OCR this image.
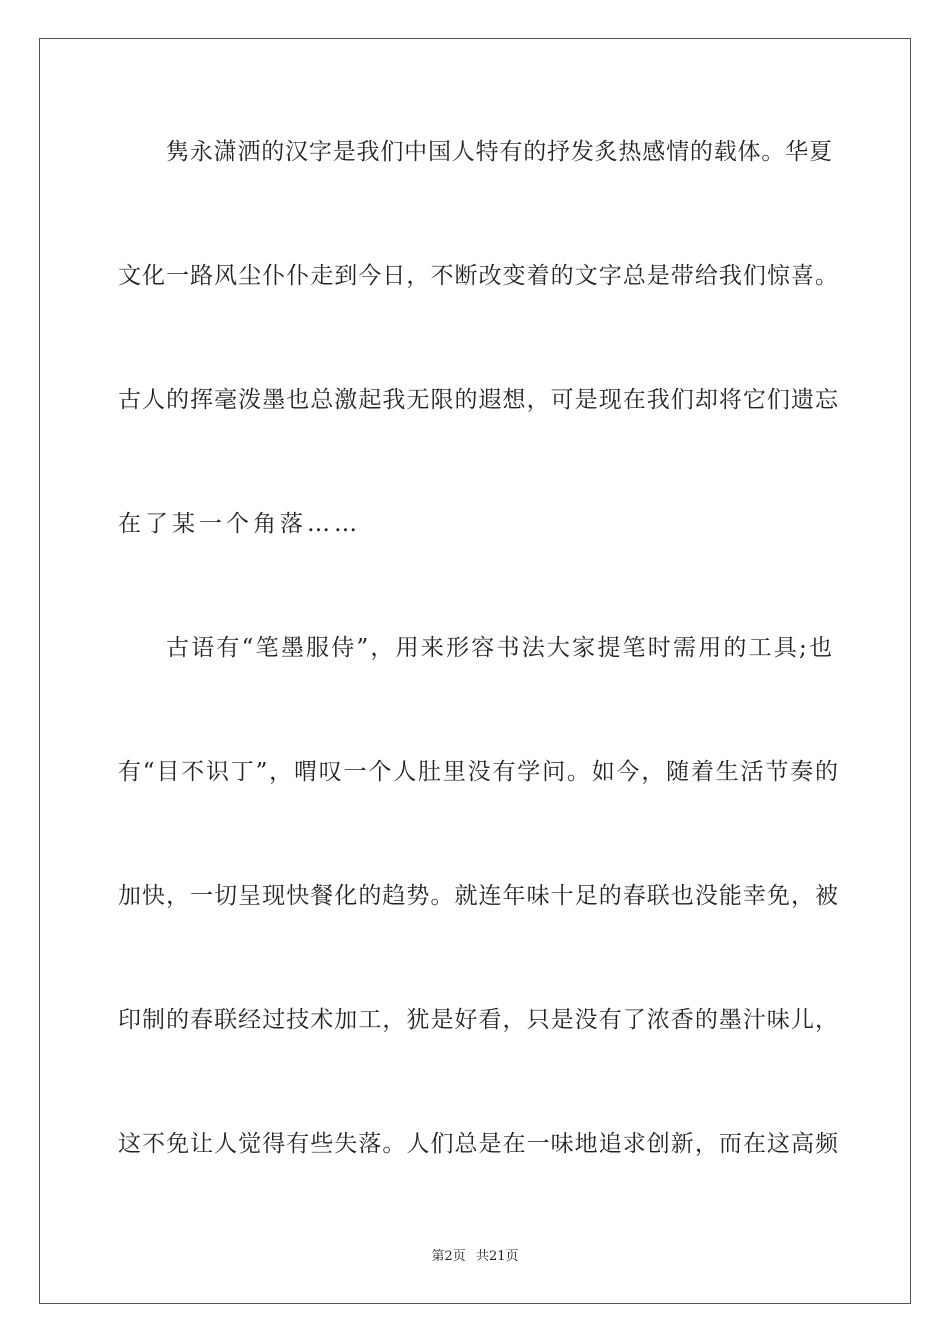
隽永潇洒的汉字是我们中国人特有的抒发炙热感情的载体。华夏
文化一路风尘仆仆走到今日，不断改变着的文字总是带给我们惊喜。
古人的挥毫泼墨也总激起我无限的遐想，可是现在我们却将它们遗忘
在了某一个角落……
古语有“笔墨服侍”，用来形容书法大家提笔时需用的工具;也
有“目不识丁”，喟叹一个人肚里没有学问。如今，随着生活节奏的
加快，一切呈现快餐化的趋势。就连年味十足的春联也没能幸免，被
印制的春联经过技术加工，犹是好看，只是没有了浓香的墨汁味儿，
这不免让人觉得有些失落。人们总是在一味地追求创新，而在这高频
第2页 共21页
